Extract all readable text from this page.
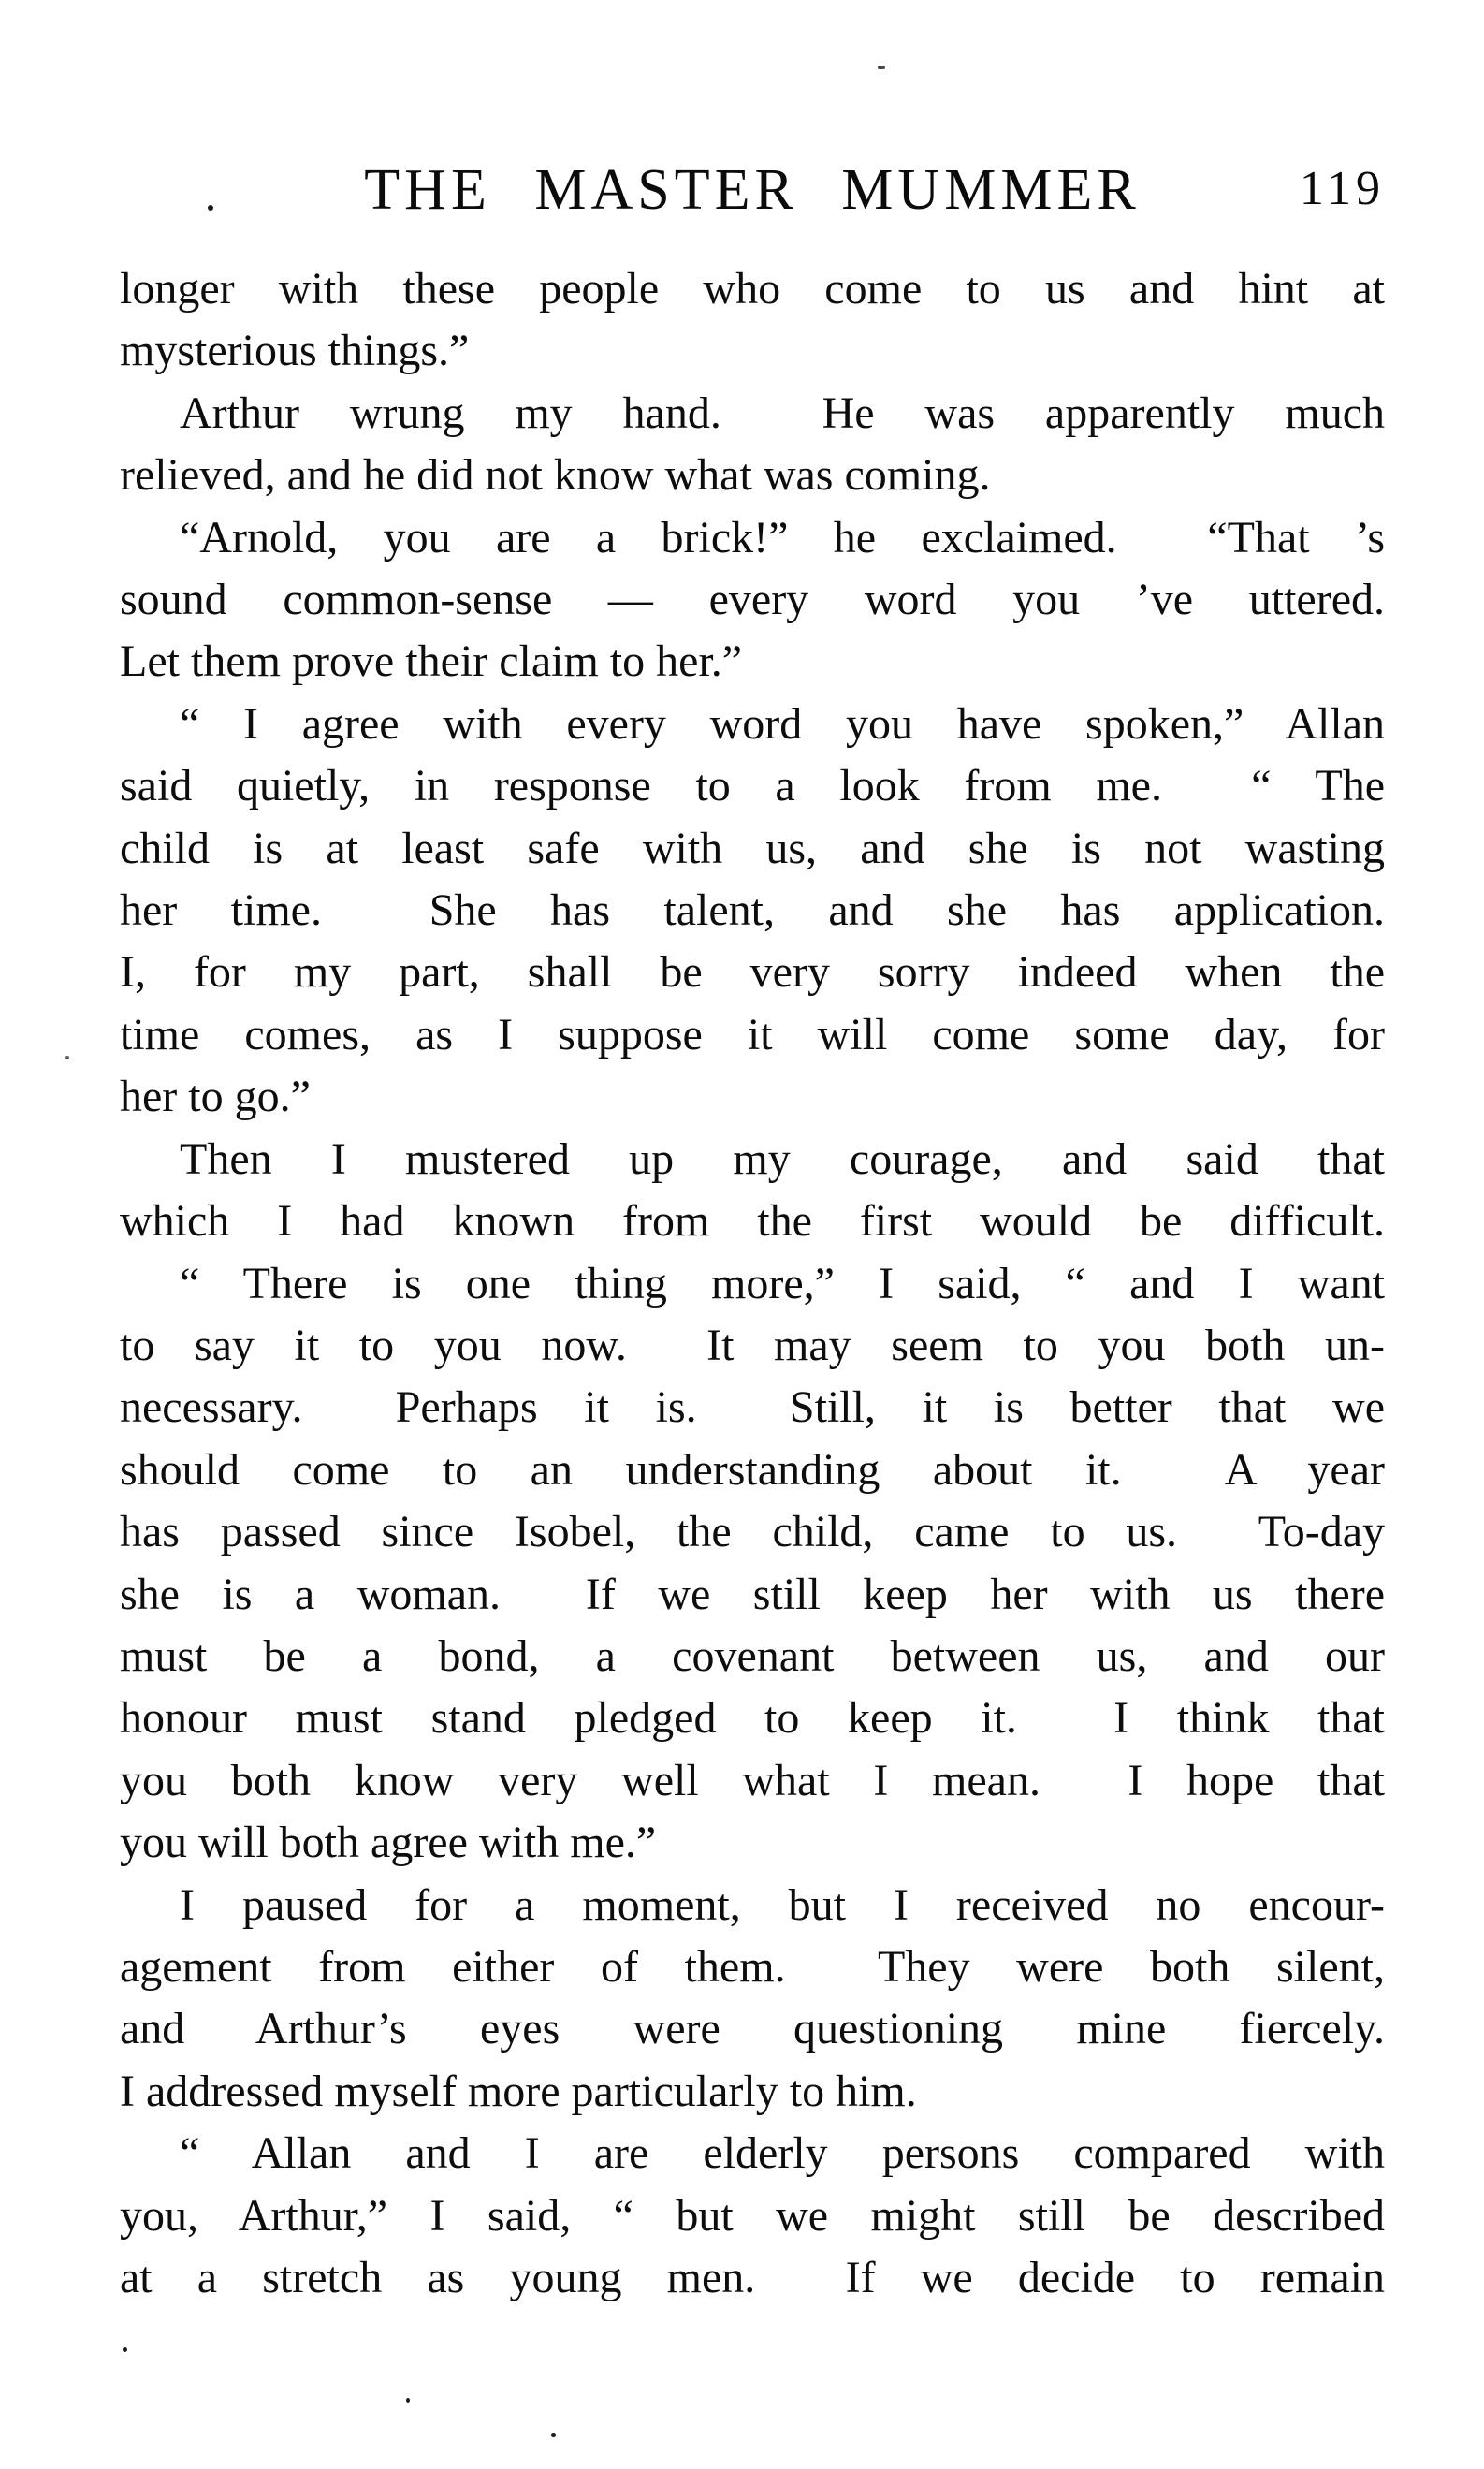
THE MASTER MUMMER	119
longer with these people who come to us and hint at
mysterious things.”
Arthur wrung my hand.  He was apparently much
relieved, and he did not know what was coming.
“Arnold, you are a brick!” he exclaimed.  “That ’s
sound common-sense — every word you ’ve uttered.
Let them prove their claim to her.”
“ I agree with every word you have spoken,” Allan
said quietly, in response to a look from me.  “ The
child is at least safe with us, and she is not wasting
her time.  She has talent, and she has application.
I, for my part, shall be very sorry indeed when the
time comes, as I suppose it will come some day, for
her to go.”
Then I mustered up my courage, and said that
which I had known from the first would be difficult.
“ There is one thing more,” I said, “ and I want
to say it to you now.  It may seem to you both un-
necessary.  Perhaps it is.  Still, it is better that we
should come to an understanding about it.  A year
has passed since Isobel, the child, came to us.  To-day
she is a woman.  If we still keep her with us there
must be a bond, a covenant between us, and our
honour must stand pledged to keep it.  I think that
you both know very well what I mean.  I hope that
you will both agree with me.”
I paused for a moment, but I received no encour-
agement from either of them.  They were both silent,
and Arthur’s eyes were questioning mine fiercely.
I addressed myself more particularly to him.
“ Allan and I are elderly persons compared with
you, Arthur,” I said, “ but we might still be described
at a stretch as young men.  If we decide to remain
